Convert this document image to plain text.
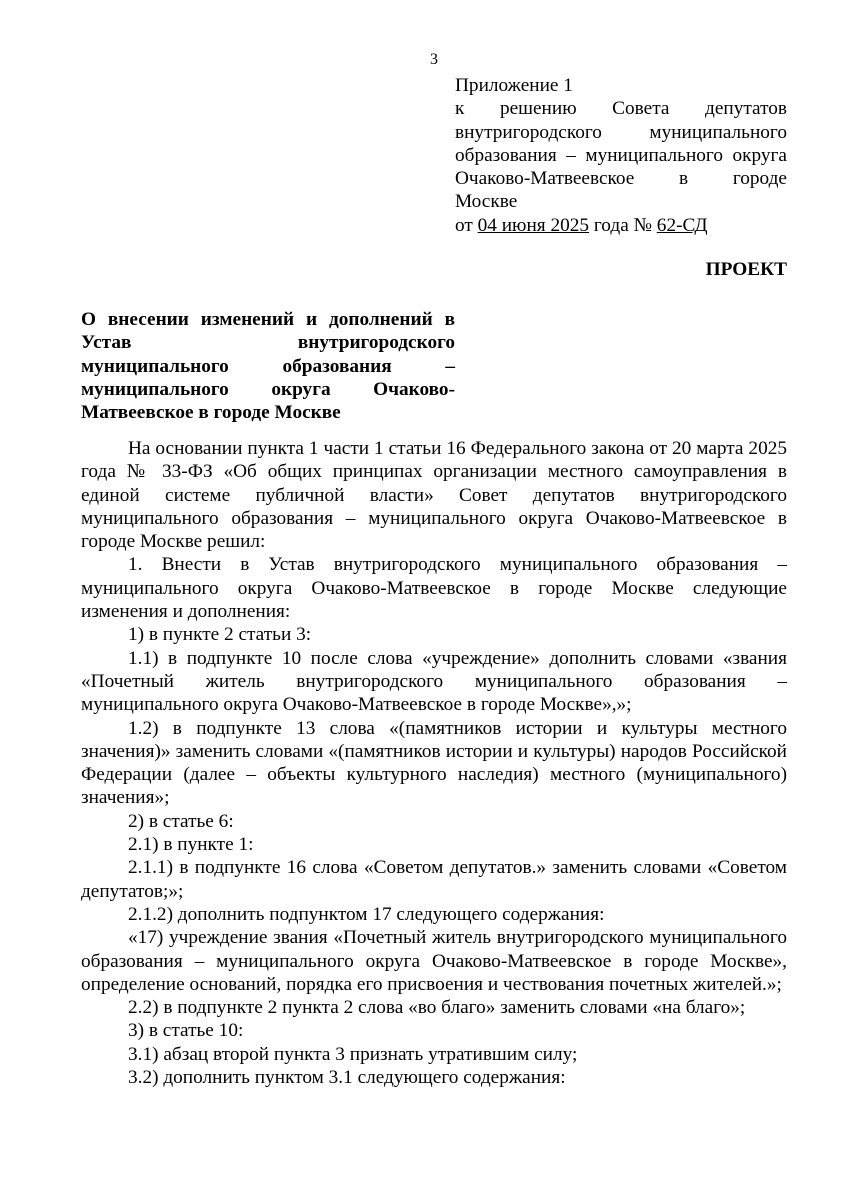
3
Приложение 1
к решению Совета депутатов
внутригородского муниципального
образования – муниципального округа
Очаково-Матвеевское в городе
Москве
от 04 июня 2025 года № 62-СД
ПРОЕКТ
О внесении изменений и дополнений в
Устав внутригородского
муниципального образования –
муниципального округа Очаково-
Матвеевское в городе Москве

На основании пункта 1 части 1 статьи 16 Федерального закона от 20 марта 2025 года № 33-ФЗ «Об общих принципах организации местного самоуправления в единой системе публичной власти» Совет депутатов внутригородского муниципального образования – муниципального округа Очаково-Матвеевское в городе Москве решил:

1. Внести в Устав внутригородского муниципального образования – муниципального округа Очаково-Матвеевское в городе Москве следующие изменения и дополнения:

1) в пункте 2 статьи 3:

1.1) в подпункте 10 после слова «учреждение» дополнить словами «звания «Почетный житель внутригородского муниципального образования – муниципального округа Очаково-Матвеевское в городе Москве»,»;

1.2) в подпункте 13 слова «(памятников истории и культуры местного значения)» заменить словами «(памятников истории и культуры) народов Российской Федерации (далее – объекты культурного наследия) местного (муниципального) значения»;

2) в статье 6:

2.1) в пункте 1:

2.1.1) в подпункте 16 слова «Советом депутатов.» заменить словами «Советом депутатов;»;

2.1.2) дополнить подпунктом 17 следующего содержания:

«17) учреждение звания «Почетный житель внутригородского муниципального образования – муниципального округа Очаково-Матвеевское в городе Москве», определение оснований, порядка его присвоения и чествования почетных жителей.»;

2.2) в подпункте 2 пункта 2 слова «во благо» заменить словами «на благо»;

3) в статье 10:

3.1) абзац второй пункта 3 признать утратившим силу;

3.2) дополнить пунктом 3.1 следующего содержания:
